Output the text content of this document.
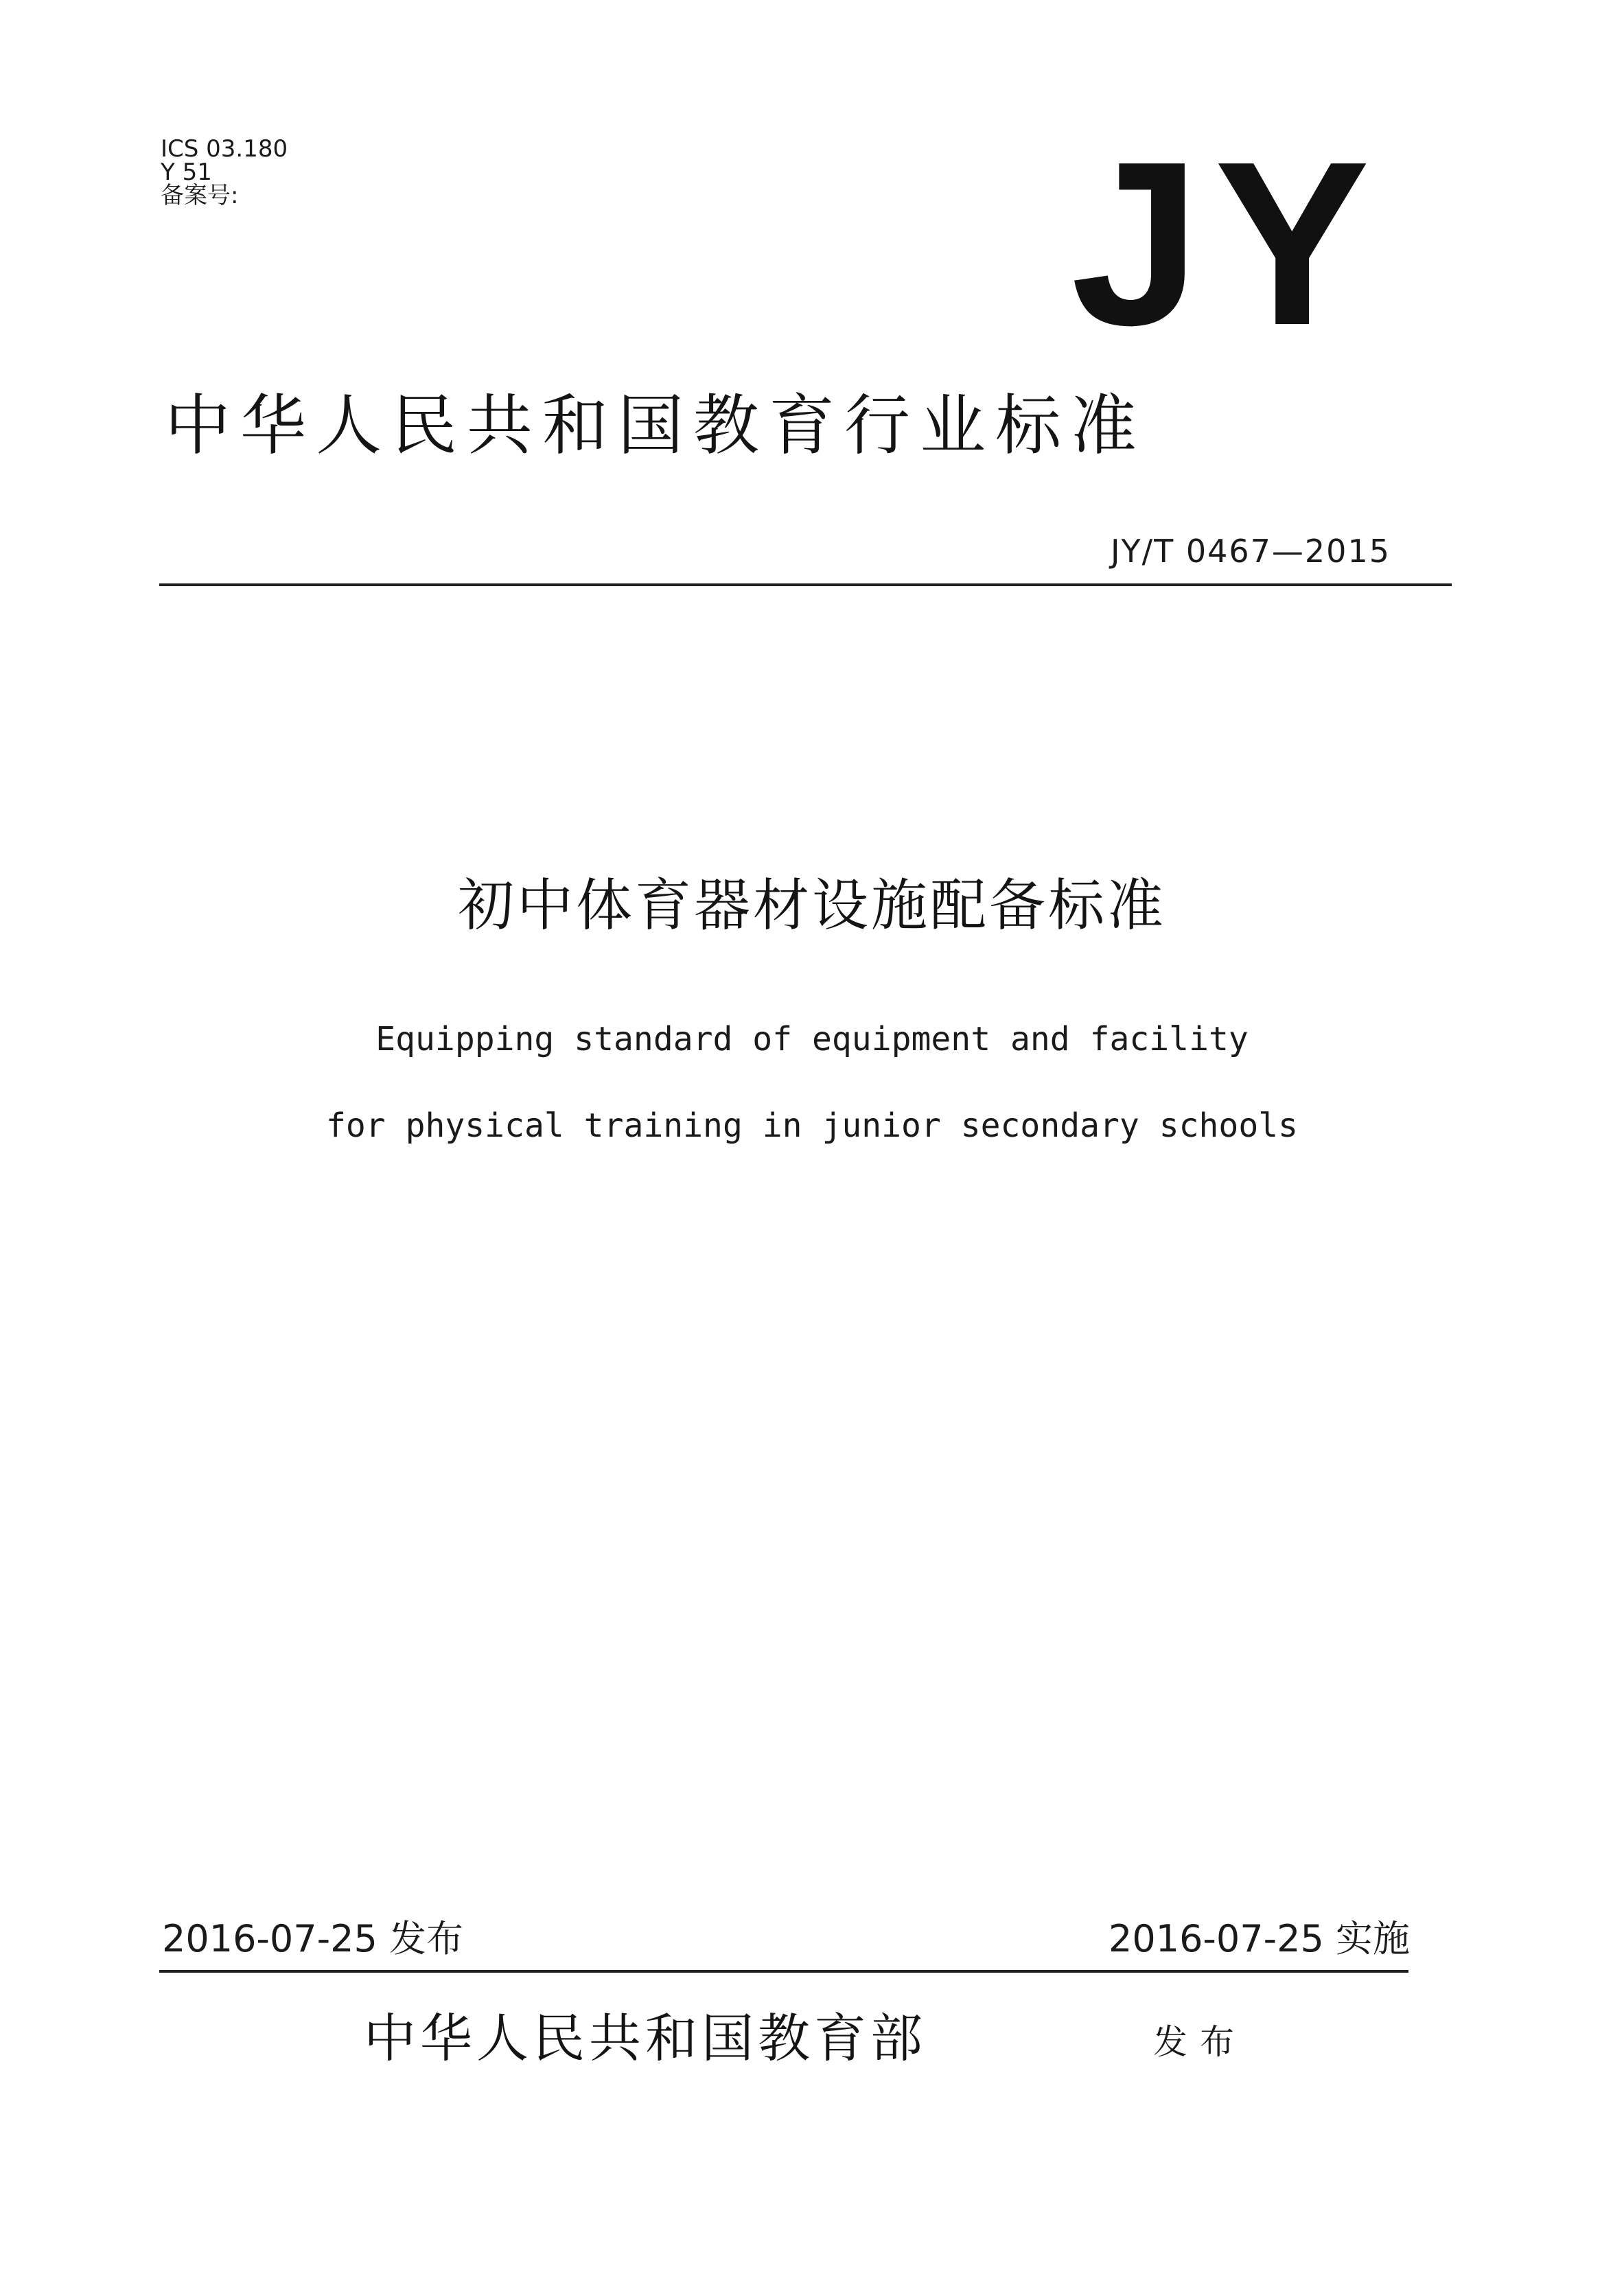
ICS 03.180
Y 51
备案号:	JY
中华人民共和国教育行业标准
JY/T 0467—2015
初中体育器材设施配备标准
Equipping standard of equipment and facility
for physical training in junior secondary schools
2016-07-25 发布	2016-07-25 实施
中华人民共和国教育部	发布
